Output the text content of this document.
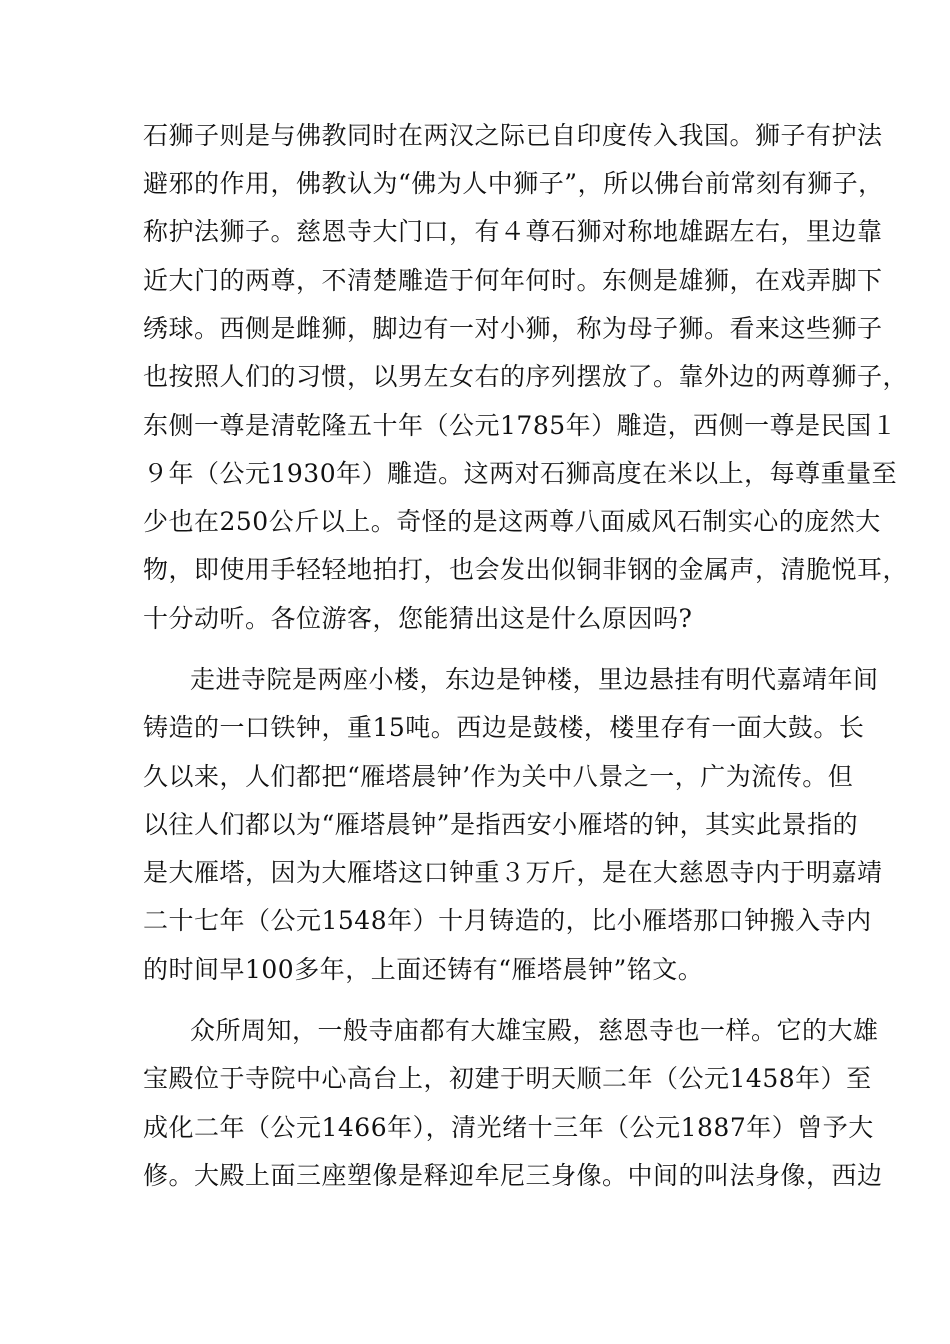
石狮子则是与佛教同时在两汉之际已自印度传入我国。狮子有护法
避邪的作用，佛教认为“佛为人中狮子”，所以佛台前常刻有狮子，
称护法狮子。慈恩寺大门口，有４尊石狮对称地雄踞左右，里边靠
近大门的两尊，不清楚雕造于何年何时。东侧是雄狮，在戏弄脚下
绣球。西侧是雌狮，脚边有一对小狮，称为母子狮。看来这些狮子
也按照人们的习惯，以男左女右的序列摆放了。靠外边的两尊狮子，
东侧一尊是清乾隆五十年（公元1785年）雕造，西侧一尊是民国１
９年（公元1930年）雕造。这两对石狮高度在米以上，每尊重量至
少也在250公斤以上。奇怪的是这两尊八面威风石制实心的庞然大
物，即使用手轻轻地拍打，也会发出似铜非钢的金属声，清脆悦耳，
十分动听。各位游客，您能猜出这是什么原因吗?
走进寺院是两座小楼，东边是钟楼，里边悬挂有明代嘉靖年间
铸造的一口铁钟，重15吨。西边是鼓楼，楼里存有一面大鼓。长
久以来，人们都把“雁塔晨钟’作为关中八景之一，广为流传。但
以往人们都以为“雁塔晨钟”是指西安小雁塔的钟，其实此景指的
是大雁塔，因为大雁塔这口钟重３万斤，是在大慈恩寺内于明嘉靖
二十七年（公元1548年）十月铸造的，比小雁塔那口钟搬入寺内
的时间早100多年，上面还铸有“雁塔晨钟”铭文。
众所周知，一般寺庙都有大雄宝殿，慈恩寺也一样。它的大雄
宝殿位于寺院中心高台上，初建于明天顺二年（公元1458年）至
成化二年（公元1466年），清光绪十三年（公元1887年）曾予大
修。大殿上面三座塑像是释迎牟尼三身像。中间的叫法身像，西边
